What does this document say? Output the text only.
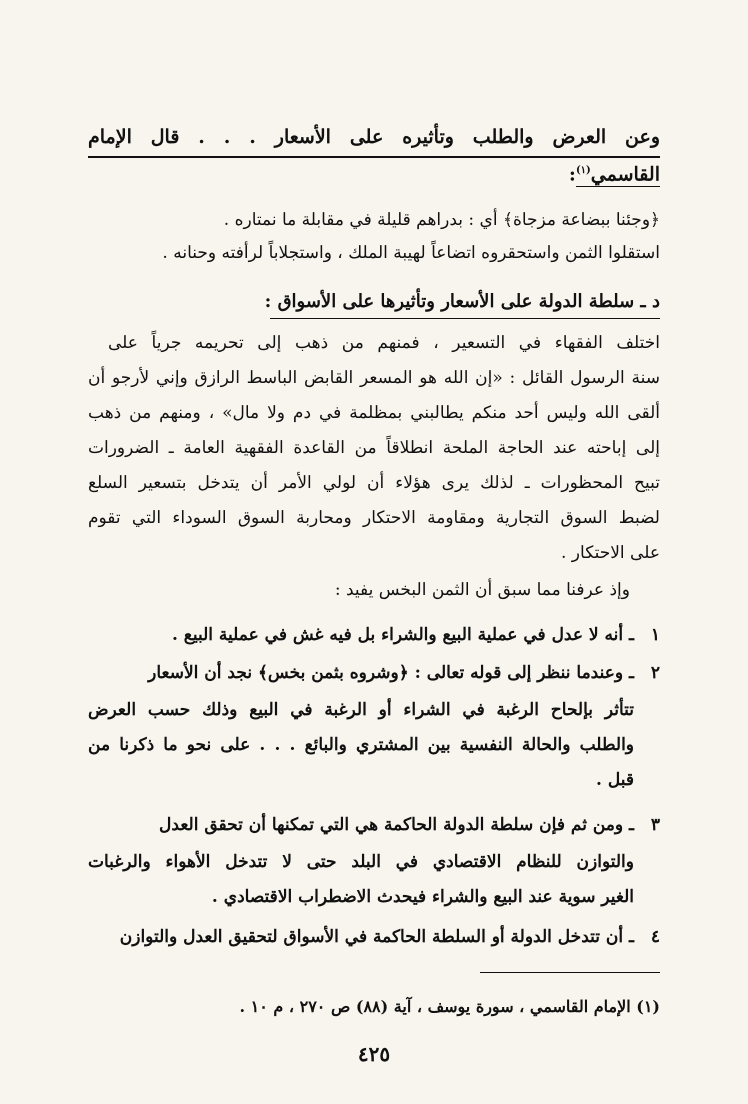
وعن العرض والطلب وتأثيره على الأسعار . . . قال الإمام
القاسمي$^{(١)}$:
﴿وجئنا ببضاعة مزجاة﴾ أي : بدراهم قليلة في مقابلة ما نمتاره .
استقلوا الثمن واستحقروه اتضاعاً لهيبة الملك ، واستجلاباً لرأفته وحنانه .
د ـ سلطة الدولة على الأسعار وتأثيرها على الأسواق :
اختلف الفقهاء في التسعير ، فمنهم من ذهب إلى تحريمه جرياً على
سنة الرسول القائل : «إن الله هو المسعر القابض الباسط الرازق وإني لأرجو أن
ألقى الله وليس أحد منكم يطالبني بمظلمة في دم ولا مال» ، ومنهم من ذهب
إلى إباحته عند الحاجة الملحة انطلاقاً من القاعدة الفقهية العامة ـ الضرورات
تبيح المحظورات ـ لذلك يرى هؤلاء أن لولي الأمر أن يتدخل بتسعير السلع
لضبط السوق التجارية ومقاومة الاحتكار ومحاربة السوق السوداء التي تقوم
على الاحتكار .
وإذ عرفنا مما سبق أن الثمن البخس يفيد :
١ـ أنه لا عدل في عملية البيع والشراء بل فيه غش في عملية البيع .
٢ـ وعندما ننظر إلى قوله تعالى : ﴿وشروه بثمن بخس﴾ نجد أن الأسعار
تتأثر بإلحاح الرغبة في الشراء أو الرغبة في البيع وذلك حسب العرض
والطلب والحالة النفسية بين المشتري والبائع . . . على نحو ما ذكرنا من
قبل .
٣ـ ومن ثم فإن سلطة الدولة الحاكمة هي التي تمكنها أن تحقق العدل
والتوازن للنظام الاقتصادي في البلد حتى لا تتدخل الأهواء والرغبات
الغير سوية عند البيع والشراء فيحدث الاضطراب الاقتصادي .
٤ـ أن تتدخل الدولة أو السلطة الحاكمة في الأسواق لتحقيق العدل والتوازن
(١) الإمام القاسمي ، سورة يوسف ، آية (٨٨) ص ٢٧٠ ، م ١٠ .
٤٢٥
